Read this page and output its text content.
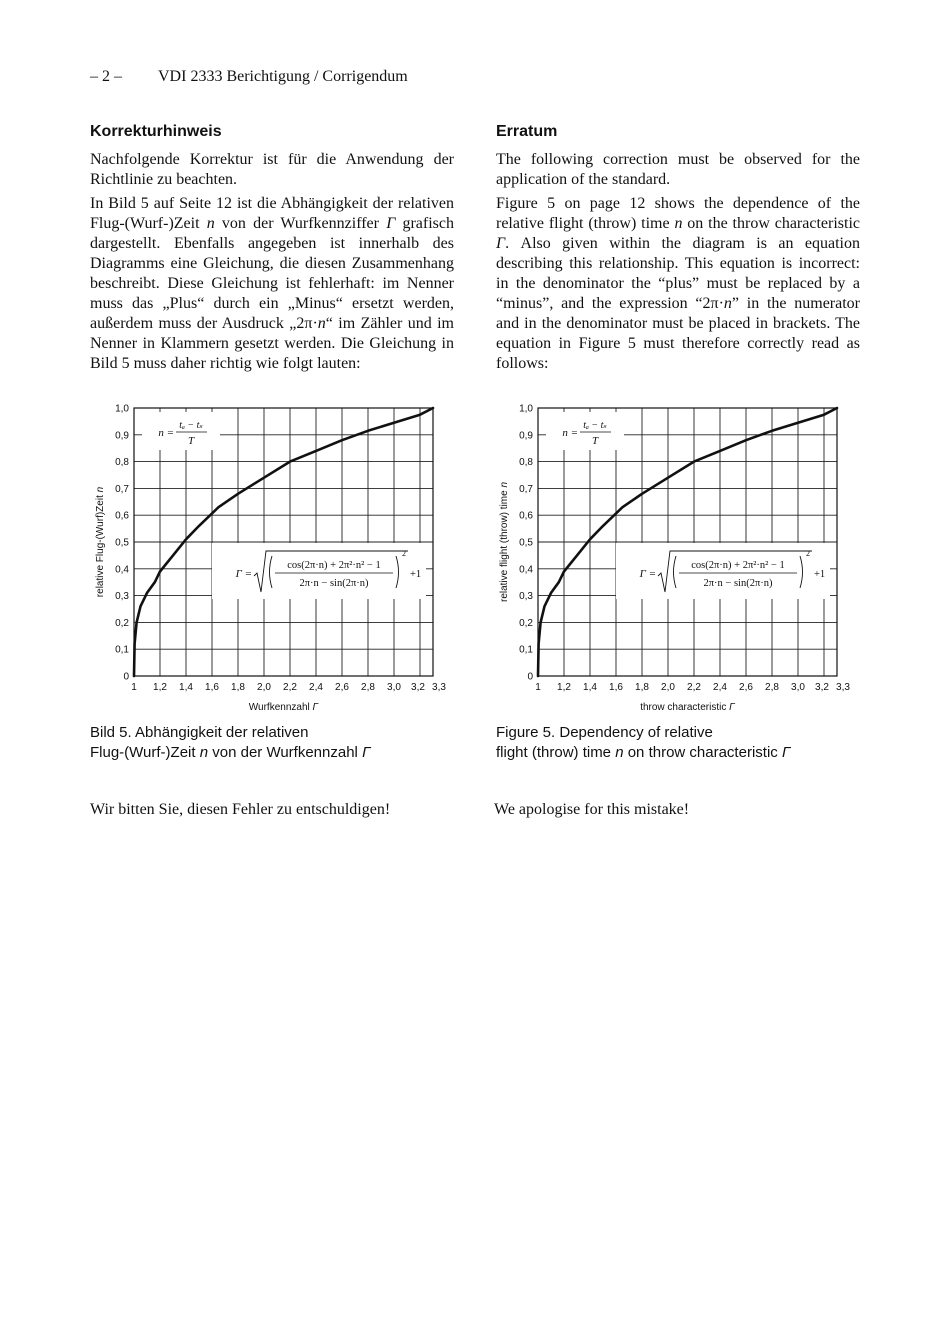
– 2 – VDI 2333 Berichtigung / Corrigendum
Korrekturhinweis

Nachfolgende Korrektur ist für die Anwendung der Richtlinie zu beachten.

In Bild 5 auf Seite 12 ist die Abhängigkeit der relativen Flug-(Wurf-)Zeit n von der Wurfkennziffer Γ grafisch dargestellt. Ebenfalls angegeben ist innerhalb des Diagramms eine Gleichung, die diesen Zusammenhang beschreibt. Diese Gleichung ist fehlerhaft: im Nenner muss das „Plus“ durch ein „Minus“ ersetzt werden, außerdem muss der Ausdruck „2π·n“ im Zähler und im Nenner in Klammern gesetzt werden. Die Gleichung in Bild 5 muss daher richtig wie folgt lauten:

Erratum

The following correction must be observed for the application of the standard.

Figure 5 on page 12 shows the dependence of the relative flight (throw) time n on the throw characteristic Γ. Also given within the diagram is an equation describing this relationship. This equation is incorrect: in the denominator the “plus” must be replaced by a “minus”, and the expression “2π·n” in the numerator and in the denominator must be placed in brackets. The equation in Figure 5 must therefore correctly read as follows:

0
0,1
0,2
0,3
0,4
0,5
0,6
0,7
0,8
0,9
1,0
1 1,2 1,4 1,6 1,8 2,0 2,2 2,4 2,6 2,8 3,0 3,2 3,3
Wurfkennzahl Γ
relative Flug-(Wurf)Zeit n
n =
tₐ − tₛ
T
Γ =
cos(2π·n) + 2π²·n² − 1
2π·n − sin(2π·n)
2
+1
0
0,1
0,2
0,3
0,4
0,5
0,6
0,7
0,8
0,9
1,0
1 1,2 1,4 1,6 1,8 2,0 2,2 2,4 2,6 2,8 3,0 3,2 3,3
throw characteristic Γ
relative flight (throw) time n
n =
tₐ − tₛ
T
Γ =
cos(2π·n) + 2π²·n² − 1
2π·n − sin(2π·n)
2
+1
Bild 5. Abhängigkeit der relativen
Flug-(Wurf-)Zeit n von der Wurfkennzahl Γ
Figure 5. Dependency of relative
flight (throw) time n on throw characteristic Γ
Wir bitten Sie, diesen Fehler zu entschuldigen!	We apologise for this mistake!
